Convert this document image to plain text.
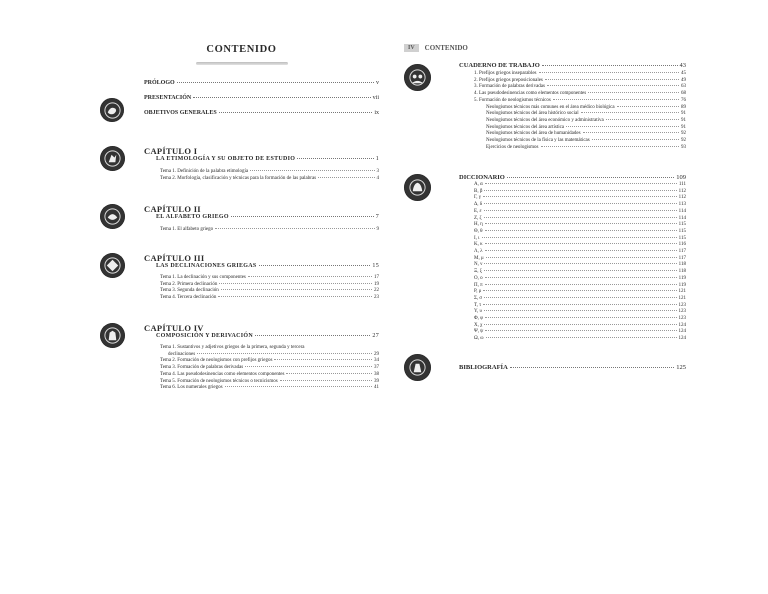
CONTENIDO
PRÓLOGO	v
PRESENTACIÓN	vii
OBJETIVOS GENERALES	ix
CAPÍTULO I
LA ETIMOLOGÍA Y SU OBJETO DE ESTUDIO	1
Tema 1. Definición de la palabra etimología	3
Tema 2. Morfología, clasificación y técnicas para la formación de las palabras	4
CAPÍTULO II
EL ALFABETO GRIEGO	7
Tema 1. El alfabeto griego	9
CAPÍTULO III
LAS DECLINACIONES GRIEGAS	15
Tema 1. La declinación y sus componentes	17
Tema 2. Primera declinación	19
Tema 3. Segunda declinación	22
Tema 4. Tercera declinación	23
CAPÍTULO IV
COMPOSICIÓN Y DERIVACIÓN	27
Tema 1. Sustantivos y adjetivos griegos de la primera, segunda y tercera
declinaciones	29
Tema 2. Formación de neologismos con prefijos griegos	34
Tema 3. Formación de palabras derivadas	37
Tema 4. Las pseudodesinencias como elementos componentes	38
Tema 5. Formación de neologismos técnicos o tecnicismos	39
Tema 6. Los numerales griegos	41
IV	CONTENIDO
CUADERNO DE TRABAJO	43
1. Prefijos griegos inseparables	45
2. Prefijos griegos preposicionales	49
3. Formación de palabras derivadas	63
4. Las pseudodesinencias como elementos componentes	68
5. Formación de neologismos técnicos	76
Neologismos técnicos más comunes en el área médico biológica	89
Neologismos técnicos del área histórico social	91
Neologismos técnicos del área económico y administrativa	91
Neologismos técnicos del área artística	91
Neologismos técnicos del área de humanidades	92
Neologismos técnicos de la física y las matemáticas	92
Ejercicios de neologismos	93
DICCIONARIO	109
Α, α	111
Β, β	112
Γ, γ	112
Δ, δ	113
Ε, ε	114
Ζ, ζ	114
Η, η	115
Θ, θ	115
Ι, ι	115
Κ, κ	116
Λ, λ	117
Μ, μ	117
Ν, ν	118
Ξ, ξ	118
Ο, ο	119
Π, π	119
Ρ, ρ	121
Σ, σ	121
Τ, τ	123
Υ, υ	123
Φ, φ	123
Χ, χ	124
Ψ, ψ	124
Ω, ω	124
BIBLIOGRAFÍA	125
